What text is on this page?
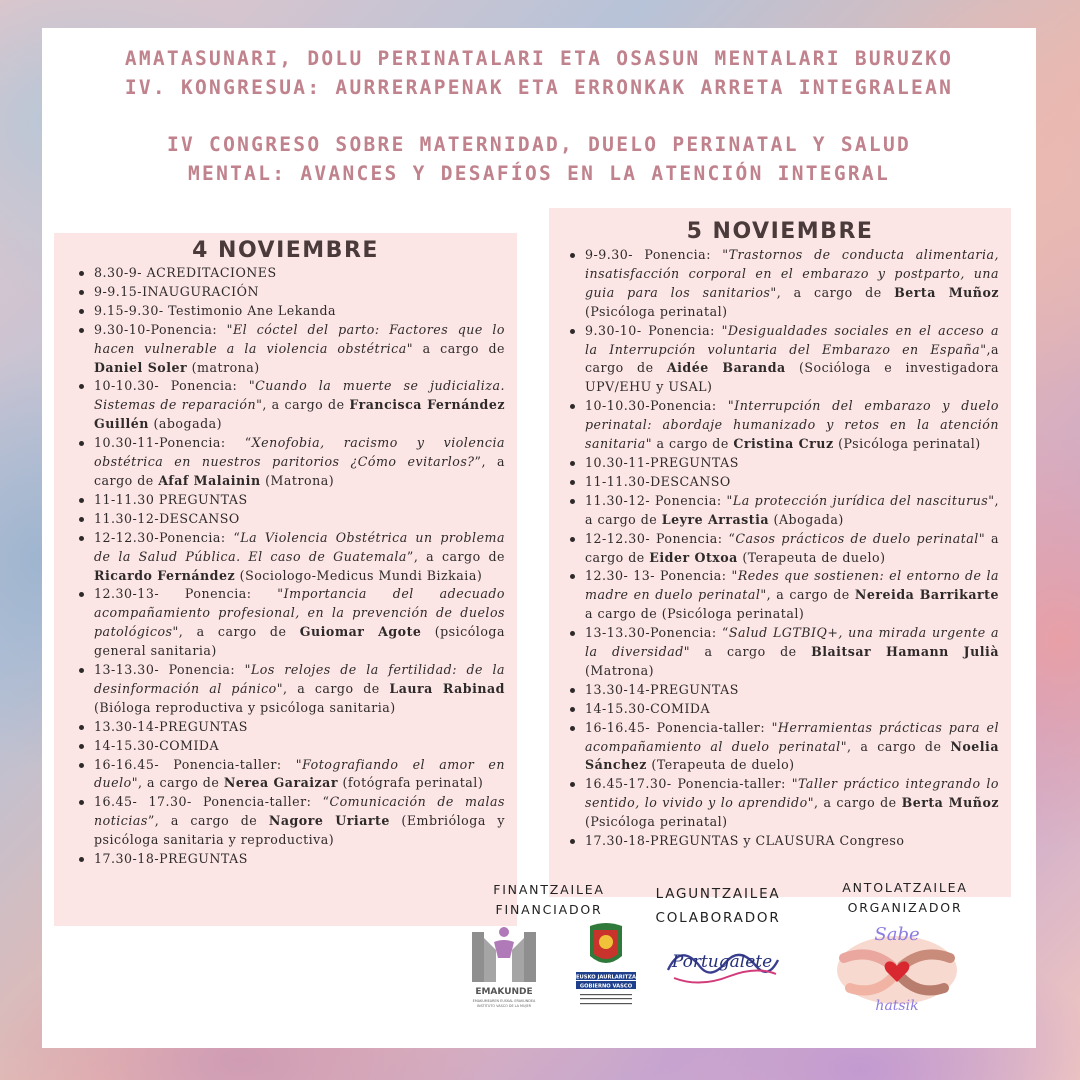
AMATASUNARI, DOLU PERINATALARI ETA OSASUN MENTALARI BURUZKO
IV. KONGRESUA: AURRERAPENAK ETA ERRONKAK ARRETA INTEGRALEAN
IV CONGRESO SOBRE MATERNIDAD, DUELO PERINATAL Y SALUD
MENTAL: AVANCES Y DESAFÍOS EN LA ATENCIÓN INTEGRAL
4 NOVIEMBRE
8.30-9- ACREDITACIONES
9-9.15-INAUGURACIÓN
9.15-9.30- Testimonio Ane Lekanda
9.30-10-Ponencia: "El cóctel del parto: Factores que lo hacen vulnerable a la violencia obstétrica" a cargo de Daniel Soler (matrona)
10-10.30- Ponencia: "Cuando la muerte se judicializa. Sistemas de reparación", a cargo de Francisca Fernández Guillén (abogada)
10.30-11-Ponencia: “Xenofobia, racismo y violencia obstétrica en nuestros paritorios ¿Cómo evitarlos?”, a cargo de Afaf Malainin (Matrona)
11-11.30 PREGUNTAS
11.30-12-DESCANSO
12-12.30-Ponencia: “La Violencia Obstétrica un problema de la Salud Pública. El caso de Guatemala”, a cargo de Ricardo Fernández (Sociologo-Medicus Mundi Bizkaia)
12.30-13- Ponencia: "Importancia del adecuado acompañamiento profesional, en la prevención de duelos patológicos", a cargo de Guiomar Agote (psicóloga general sanitaria)
13-13.30- Ponencia: "Los relojes de la fertilidad: de la desinformación al pánico", a cargo de Laura Rabinad (Bióloga reproductiva y psicóloga sanitaria)
13.30-14-PREGUNTAS
14-15.30-COMIDA
16-16.45- Ponencia-taller: "Fotografiando el amor en duelo", a cargo de Nerea Garaizar (fotógrafa perinatal)
16.45- 17.30- Ponencia-taller: “Comunicación de malas noticias”, a cargo de Nagore Uriarte (Embrióloga y psicóloga sanitaria y reproductiva)
17.30-18-PREGUNTAS
5 NOVIEMBRE
9-9.30- Ponencia: "Trastornos de conducta alimentaria, insatisfacción corporal en el embarazo y postparto, una guia para los sanitarios", a cargo de Berta Muñoz (Psicóloga perinatal)
9.30-10- Ponencia: "Desigualdades sociales en el acceso a la Interrupción voluntaria del Embarazo en España",a cargo de Aidée Baranda (Socióloga e investigadora UPV/EHU y USAL)
10-10.30-Ponencia: "Interrupción del embarazo y duelo perinatal: abordaje humanizado y retos en la atención sanitaria" a cargo de Cristina Cruz (Psicóloga perinatal)
10.30-11-PREGUNTAS
11-11.30-DESCANSO
11.30-12- Ponencia: "La protección jurídica del nasciturus", a cargo de Leyre Arrastia (Abogada)
12-12.30- Ponencia: “Casos prácticos de duelo perinatal" a cargo de Eider Otxoa (Terapeuta de duelo)
12.30- 13- Ponencia: "Redes que sostienen: el entorno de la madre en duelo perinatal", a cargo de Nereida Barrikarte a cargo de (Psicóloga perinatal)
13-13.30-Ponencia: “Salud LGTBIQ+, una mirada urgente a la diversidad" a cargo de Blaitsar Hamann Julià (Matrona)
13.30-14-PREGUNTAS
14-15.30-COMIDA
16-16.45- Ponencia-taller: "Herramientas prácticas para el acompañamiento al duelo perinatal", a cargo de Noelia Sánchez (Terapeuta de duelo)
16.45-17.30- Ponencia-taller: "Taller práctico integrando lo sentido, lo vivido y lo aprendido", a cargo de Berta Muñoz (Psicóloga perinatal)
17.30-18-PREGUNTAS y CLAUSURA Congreso
FINANTZAILEA
FINANCIADOR
LAGUNTZAILEA
COLABORADOR
ANTOLATZAILEA
ORGANIZADOR
EMAKUNDE
EMAKUMEAREN EUSKAL ERAKUNDEA
INSTITUTO VASCO DE LA MUJER
EUSKO JAURLARITZA
GOBIERNO VASCO
Portugalete
Sabe
hatsik
